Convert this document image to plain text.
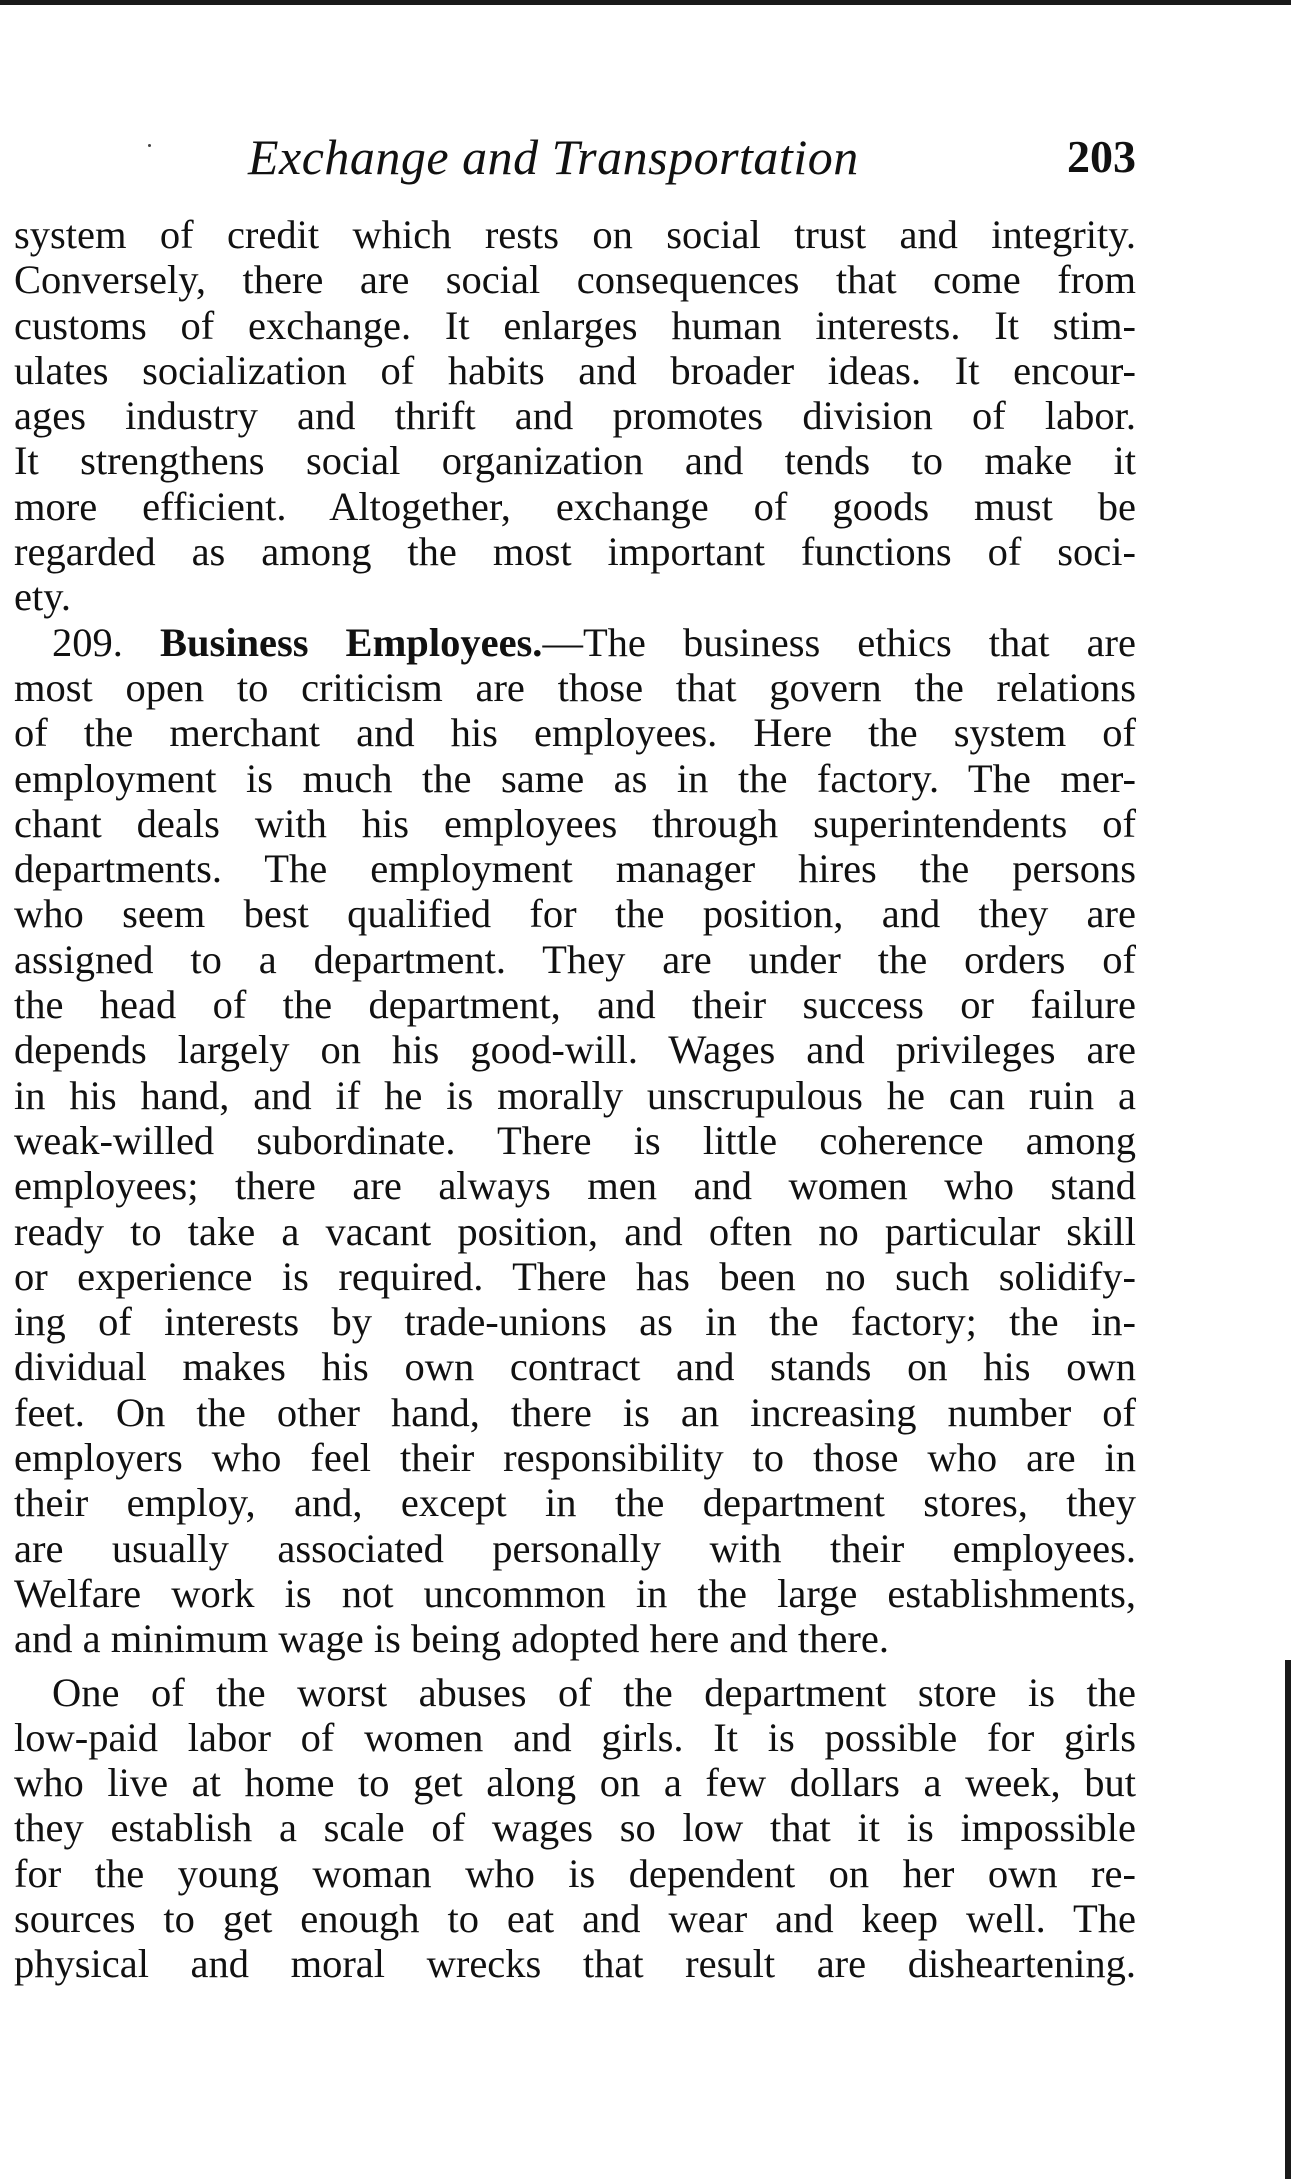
Exchange and Transportation	203
system of credit which rests on social trust and integrity.
Conversely, there are social consequences that come from
customs of exchange. It enlarges human interests. It stim-
ulates socialization of habits and broader ideas. It encour-
ages industry and thrift and promotes division of labor.
It strengthens social organization and tends to make it
more efficient. Altogether, exchange of goods must be
regarded as among the most important functions of soci-
ety.
209. Business Employees.—The business ethics that are
most open to criticism are those that govern the relations
of the merchant and his employees. Here the system of
employment is much the same as in the factory. The mer-
chant deals with his employees through superintendents of
departments. The employment manager hires the persons
who seem best qualified for the position, and they are
assigned to a department. They are under the orders of
the head of the department, and their success or failure
depends largely on his good-will. Wages and privileges are
in his hand, and if he is morally unscrupulous he can ruin a
weak-willed subordinate. There is little coherence among
employees; there are always men and women who stand
ready to take a vacant position, and often no particular skill
or experience is required. There has been no such solidify-
ing of interests by trade-unions as in the factory; the in-
dividual makes his own contract and stands on his own
feet. On the other hand, there is an increasing number of
employers who feel their responsibility to those who are in
their employ, and, except in the department stores, they
are usually associated personally with their employees.
Welfare work is not uncommon in the large establishments,
and a minimum wage is being adopted here and there.
One of the worst abuses of the department store is the
low-paid labor of women and girls. It is possible for girls
who live at home to get along on a few dollars a week, but
they establish a scale of wages so low that it is impossible
for the young woman who is dependent on her own re-
sources to get enough to eat and wear and keep well. The
physical and moral wrecks that result are disheartening.
